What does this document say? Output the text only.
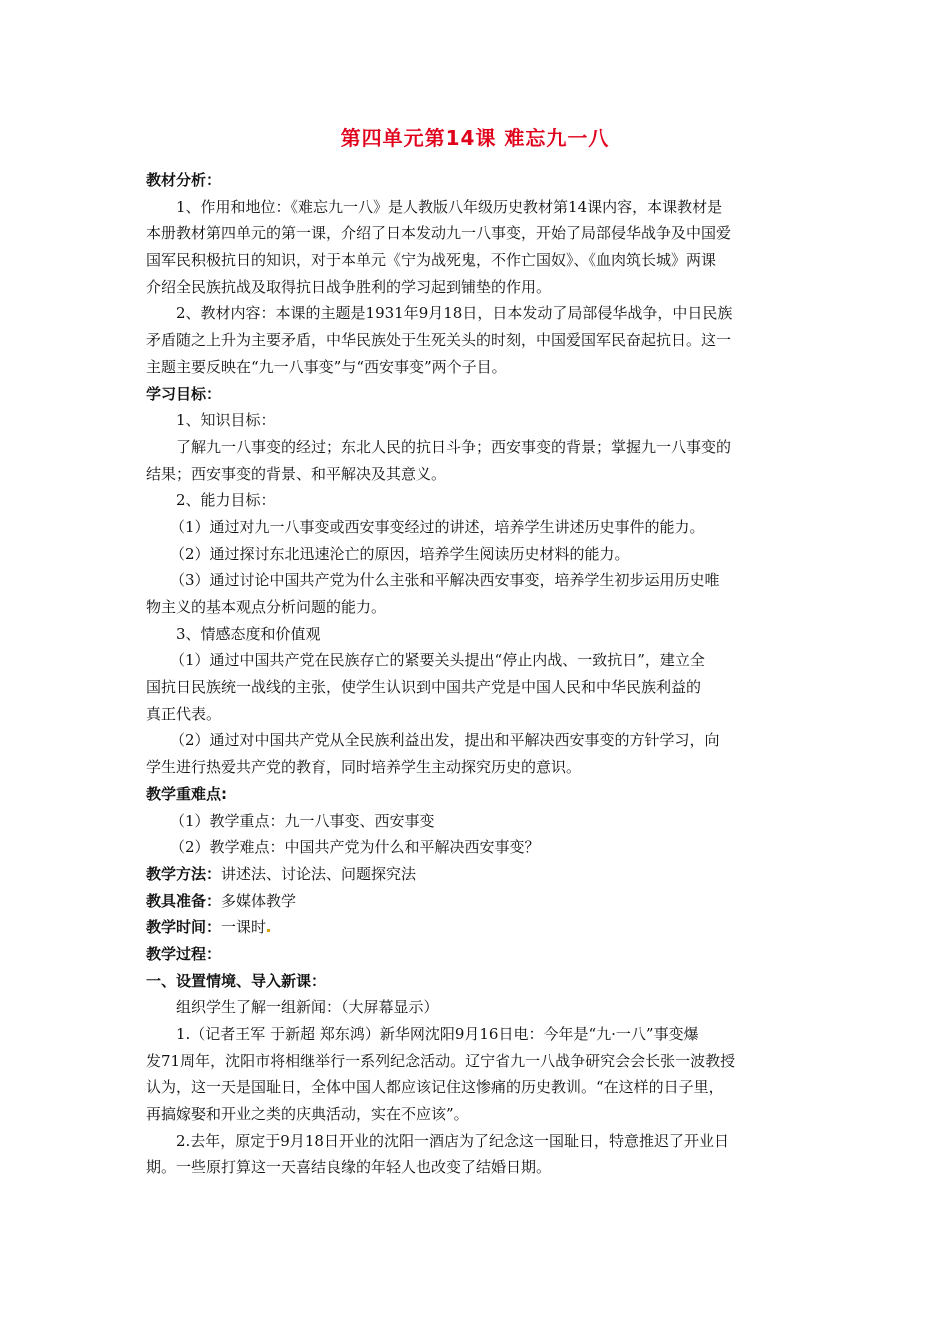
第四单元第14课 难忘九一八
教材分析：
1、作用和地位：《难忘九一八》是人教版八年级历史教材第14课内容，本课教材是
本册教材第四单元的第一课，介绍了日本发动九一八事变，开始了局部侵华战争及中国爱
国军民积极抗日的知识，对于本单元《宁为战死鬼，不作亡国奴》、《血肉筑长城》两课
介绍全民族抗战及取得抗日战争胜利的学习起到铺垫的作用。
2、教材内容：本课的主题是1931年9月18日，日本发动了局部侵华战争，中日民族
矛盾随之上升为主要矛盾，中华民族处于生死关头的时刻，中国爱国军民奋起抗日。这一
主题主要反映在“九一八事变”与“西安事变”两个子目。
学习目标：
1、知识目标：
了解九一八事变的经过；东北人民的抗日斗争；西安事变的背景；掌握九一八事变的
结果；西安事变的背景、和平解决及其意义。
2、能力目标：
（1）通过对九一八事变或西安事变经过的讲述，培养学生讲述历史事件的能力。
（2）通过探讨东北迅速沦亡的原因，培养学生阅读历史材料的能力。
（3）通过讨论中国共产党为什么主张和平解决西安事变，培养学生初步运用历史唯
物主义的基本观点分析问题的能力。
3、情感态度和价值观
（1）通过中国共产党在民族存亡的紧要关头提出“停止内战、一致抗日”，建立全
国抗日民族统一战线的主张，使学生认识到中国共产党是中国人民和中华民族利益的
真正代表。
（2）通过对中国共产党从全民族利益出发，提出和平解决西安事变的方针学习，向
学生进行热爱共产党的教育，同时培养学生主动探究历史的意识。
教学重难点:
（1）教学重点：九一八事变、西安事变
（2）教学难点：中国共产党为什么和平解决西安事变？
教学方法：讲述法、讨论法、问题探究法
教具准备：多媒体教学
教学时间：一课时
教学过程：
一、设置情境、导入新课：
组织学生了解一组新闻：（大屏幕显示）
1.（记者王军 于新超 郑东鸿）新华网沈阳9月16日电：今年是“九·一八”事变爆
发71周年，沈阳市将相继举行一系列纪念活动。辽宁省九一八战争研究会会长张一波教授
认为，这一天是国耻日，全体中国人都应该记住这惨痛的历史教训。“在这样的日子里，
再搞嫁娶和开业之类的庆典活动，实在不应该”。
2.去年，原定于9月18日开业的沈阳一酒店为了纪念这一国耻日，特意推迟了开业日
期。一些原打算这一天喜结良缘的年轻人也改变了结婚日期。
